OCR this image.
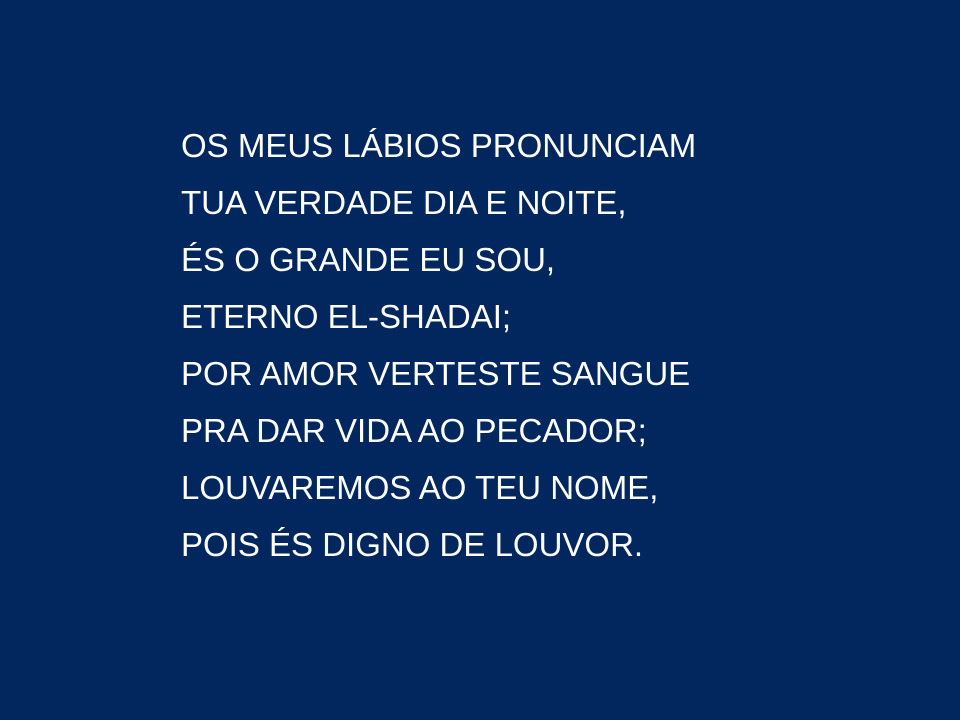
OS MEUS LÁBIOS PRONUNCIAM
TUA VERDADE DIA E NOITE,
ÉS O GRANDE EU SOU,
ETERNO EL-SHADAI;
POR AMOR VERTESTE SANGUE
PRA DAR VIDA AO PECADOR;
LOUVAREMOS AO TEU NOME,
POIS ÉS DIGNO DE LOUVOR.
